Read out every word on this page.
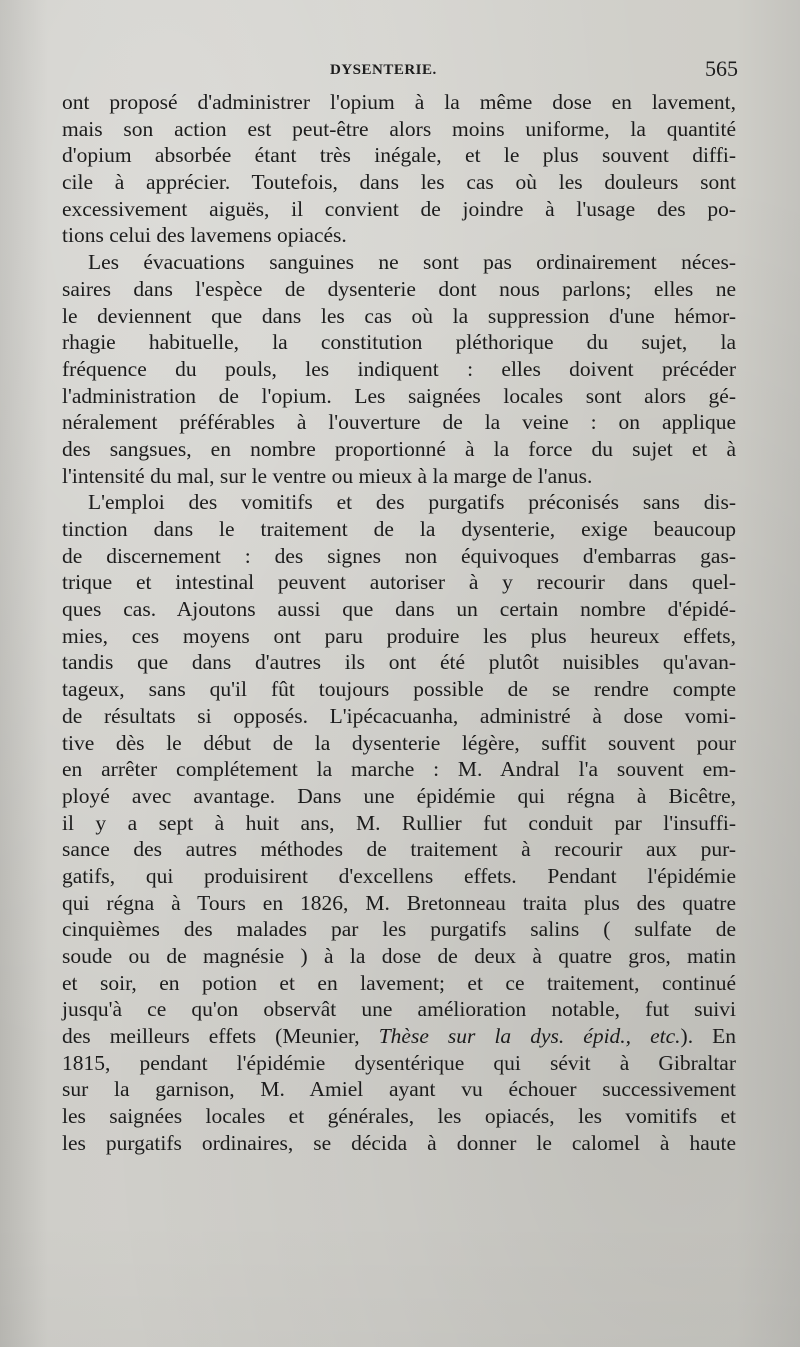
DYSENTERIE.	565
ont proposé d'administrer l'opium à la même dose en lavement,
mais son action est peut-être alors moins uniforme, la quantité
d'opium absorbée étant très inégale, et le plus souvent diffi-
cile à apprécier. Toutefois, dans les cas où les douleurs sont
excessivement aiguës, il convient de joindre à l'usage des po-
tions celui des lavemens opiacés.
Les évacuations sanguines ne sont pas ordinairement néces-
saires dans l'espèce de dysenterie dont nous parlons; elles ne
le deviennent que dans les cas où la suppression d'une hémor-
rhagie habituelle, la constitution pléthorique du sujet, la
fréquence du pouls, les indiquent : elles doivent précéder
l'administration de l'opium. Les saignées locales sont alors gé-
néralement préférables à l'ouverture de la veine : on applique
des sangsues, en nombre proportionné à la force du sujet et à
l'intensité du mal, sur le ventre ou mieux à la marge de l'anus.
L'emploi des vomitifs et des purgatifs préconisés sans dis-
tinction dans le traitement de la dysenterie, exige beaucoup
de discernement : des signes non équivoques d'embarras gas-
trique et intestinal peuvent autoriser à y recourir dans quel-
ques cas. Ajoutons aussi que dans un certain nombre d'épidé-
mies, ces moyens ont paru produire les plus heureux effets,
tandis que dans d'autres ils ont été plutôt nuisibles qu'avan-
tageux, sans qu'il fût toujours possible de se rendre compte
de résultats si opposés. L'ipécacuanha, administré à dose vomi-
tive dès le début de la dysenterie légère, suffit souvent pour
en arrêter complétement la marche : M. Andral l'a souvent em-
ployé avec avantage. Dans une épidémie qui régna à Bicêtre,
il y a sept à huit ans, M. Rullier fut conduit par l'insuffi-
sance des autres méthodes de traitement à recourir aux pur-
gatifs, qui produisirent d'excellens effets. Pendant l'épidémie
qui régna à Tours en 1826, M. Bretonneau traita plus des quatre
cinquièmes des malades par les purgatifs salins ( sulfate de
soude ou de magnésie ) à la dose de deux à quatre gros, matin
et soir, en potion et en lavement; et ce traitement, continué
jusqu'à ce qu'on observât une amélioration notable, fut suivi
des meilleurs effets (Meunier, Thèse sur la dys. épid., etc.). En
1815, pendant l'épidémie dysentérique qui sévit à Gibraltar
sur la garnison, M. Amiel ayant vu échouer successivement
les saignées locales et générales, les opiacés, les vomitifs et
les purgatifs ordinaires, se décida à donner le calomel à haute
